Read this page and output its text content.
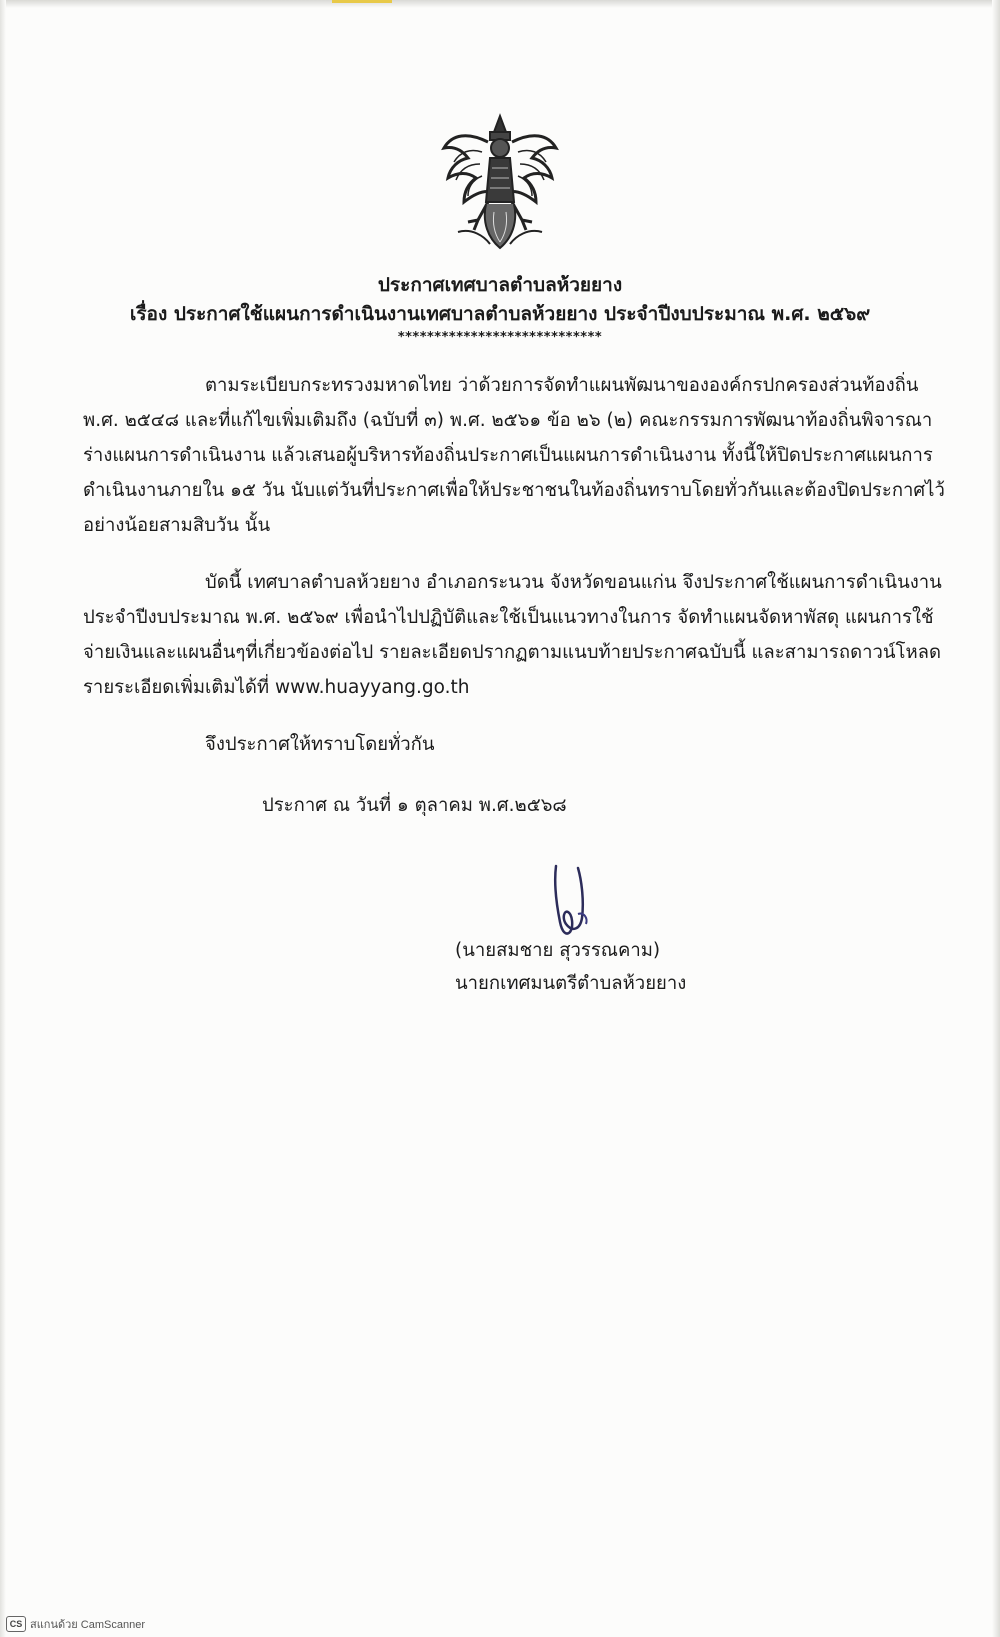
ประกาศเทศบาลตำบลห้วยยาง
เรื่อง ประกาศใช้แผนการดำเนินงานเทศบาลตำบลห้วยยาง ประจำปีงบประมาณ พ.ศ. ๒๕๖๙
****************************
ตามระเบียบกระทรวงมหาดไทย ว่าด้วยการจัดทำแผนพัฒนาขององค์กรปกครองส่วนท้องถิ่น
พ.ศ. ๒๕๔๘ และที่แก้ไขเพิ่มเติมถึง (ฉบับที่ ๓) พ.ศ. ๒๕๖๑ ข้อ ๒๖ (๒) คณะกรรมการพัฒนาท้องถิ่นพิจารณา
ร่างแผนการดำเนินงาน แล้วเสนอผู้บริหารท้องถิ่นประกาศเป็นแผนการดำเนินงาน ทั้งนี้ให้ปิดประกาศแผนการ
ดำเนินงานภายใน ๑๕ วัน นับแต่วันที่ประกาศเพื่อให้ประชาชนในท้องถิ่นทราบโดยทั่วกันและต้องปิดประกาศไว้
อย่างน้อยสามสิบวัน นั้น
บัดนี้ เทศบาลตำบลห้วยยาง อำเภอกระนวน จังหวัดขอนแก่น จึงประกาศใช้แผนการดำเนินงาน
ประจำปีงบประมาณ พ.ศ. ๒๕๖๙ เพื่อนำไปปฏิบัติและใช้เป็นแนวทางในการ จัดทำแผนจัดหาพัสดุ แผนการใช้
จ่ายเงินและแผนอื่นๆที่เกี่ยวข้องต่อไป รายละเอียดปรากฏตามแนบท้ายประกาศฉบับนี้ และสามารถดาวน์โหลด
รายระเอียดเพิ่มเติมได้ที่ www.huayyang.go.th
จึงประกาศให้ทราบโดยทั่วกัน
ประกาศ ณ วันที่ ๑ ตุลาคม พ.ศ.๒๕๖๘
(นายสมชาย สุวรรณคาม)
นายกเทศมนตรีตำบลห้วยยาง
CS สแกนด้วย CamScanner
